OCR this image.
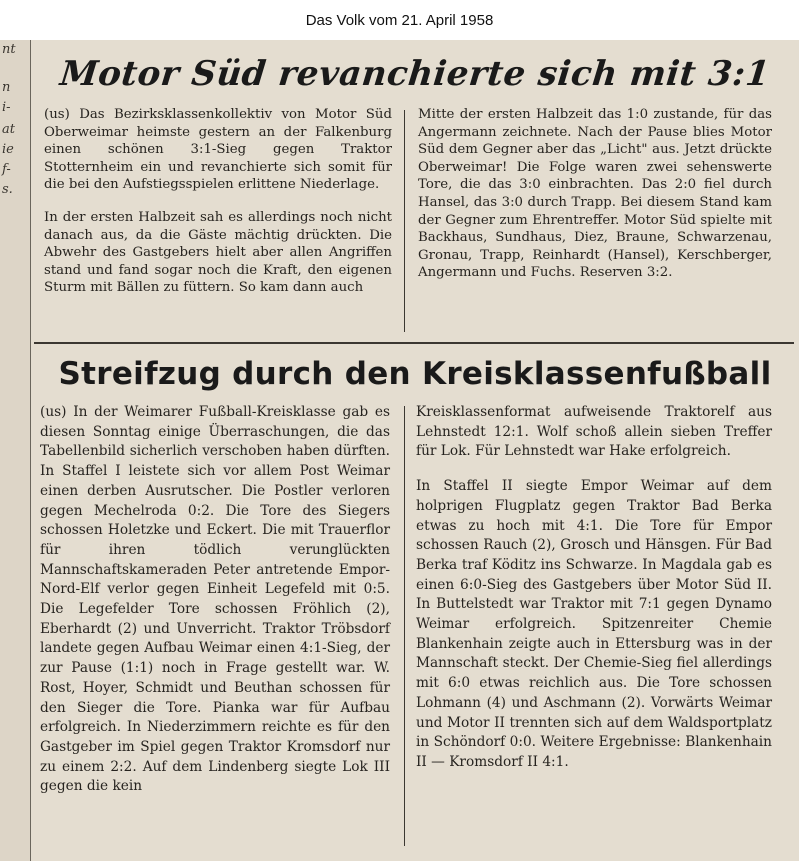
Das Volk vom 21. April 1958
nt
n
i-
at
ie
f-
s.
Motor Süd revanchierte sich mit 3:1

(us) Das Bezirksklassenkollektiv von Motor Süd Oberweimar heimste gestern an der Falkenburg einen schönen 3:1-Sieg gegen Traktor Stotternheim ein und revanchierte sich somit für die bei den Aufstiegsspielen erlittene Niederlage.

In der ersten Halbzeit sah es allerdings noch nicht danach aus, da die Gäste mächtig drückten. Die Abwehr des Gastgebers hielt aber allen Angriffen stand und fand sogar noch die Kraft, den eigenen Sturm mit Bällen zu füttern. So kam dann auch

Mitte der ersten Halbzeit das 1:0 zustande, für das Angermann zeichnete. Nach der Pause blies Motor Süd dem Gegner aber das „Licht" aus. Jetzt drückte Oberweimar! Die Folge waren zwei sehenswerte Tore, die das 3:0 einbrachten. Das 2:0 fiel durch Hansel, das 3:0 durch Trapp. Bei diesem Stand kam der Gegner zum Ehrentreffer. Motor Süd spielte mit Backhaus, Sundhaus, Diez, Braune, Schwarzenau, Gronau, Trapp, Reinhardt (Hansel), Kerschberger, Angermann und Fuchs. Reserven 3:2.

Streifzug durch den Kreisklassenfußball

(us) In der Weimarer Fußball-Kreisklasse gab es diesen Sonntag einige Überraschungen, die das Tabellenbild sicherlich verschoben haben dürften. In Staffel I leistete sich vor allem Post Weimar einen derben Ausrutscher. Die Postler verloren gegen Mechelroda 0:2. Die Tore des Siegers schossen Holetzke und Eckert. Die mit Trauerflor für ihren tödlich verunglückten Mannschaftskameraden Peter antretende Empor-Nord-Elf verlor gegen Einheit Legefeld mit 0:5. Die Legefelder Tore schossen Fröhlich (2), Eberhardt (2) und Unverricht. Traktor Tröbsdorf landete gegen Aufbau Weimar einen 4:1-Sieg, der zur Pause (1:1) noch in Frage gestellt war. W. Rost, Hoyer, Schmidt und Beuthan schossen für den Sieger die Tore. Pianka war für Aufbau erfolgreich. In Niederzimmern reichte es für den Gastgeber im Spiel gegen Traktor Kromsdorf nur zu einem 2:2. Auf dem Lindenberg siegte Lok III gegen die kein

Kreisklassenformat aufweisende Traktorelf aus Lehnstedt 12:1. Wolf schoß allein sieben Treffer für Lok. Für Lehnstedt war Hake erfolgreich.

In Staffel II siegte Empor Weimar auf dem holprigen Flugplatz gegen Traktor Bad Berka etwas zu hoch mit 4:1. Die Tore für Empor schossen Rauch (2), Grosch und Hänsgen. Für Bad Berka traf Köditz ins Schwarze. In Magdala gab es einen 6:0-Sieg des Gastgebers über Motor Süd II. In Buttelstedt war Traktor mit 7:1 gegen Dynamo Weimar erfolgreich. Spitzenreiter Chemie Blankenhain zeigte auch in Ettersburg was in der Mannschaft steckt. Der Chemie-Sieg fiel allerdings mit 6:0 etwas reichlich aus. Die Tore schossen Lohmann (4) und Aschmann (2). Vorwärts Weimar und Motor II trennten sich auf dem Waldsportplatz in Schöndorf 0:0. Weitere Ergebnisse: Blankenhain II — Kromsdorf II 4:1.
